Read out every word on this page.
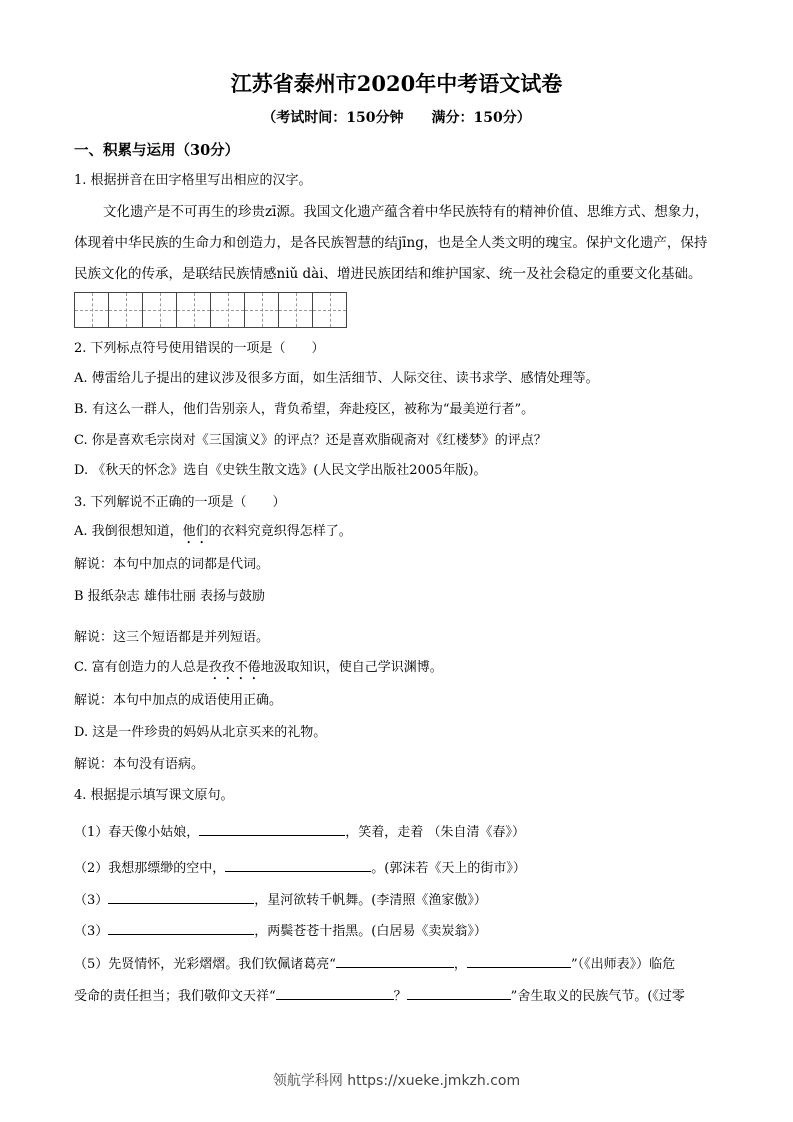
江苏省泰州市2020年中考语文试卷
（考试时间：150分钟　　满分：150分）
一、积累与运用（30分）
1. 根据拼音在田字格里写出相应的汉字。
文化遗产是不可再生的珍贵zī源。我国文化遗产蕴含着中华民族特有的精神价值、思维方式、想象力，
体现着中华民族的生命力和创造力，是各民族智慧的结jīng，也是全人类文明的瑰宝。保护文化遗产，保持
民族文化的传承，是联结民族情感niǔ dài、增进民族团结和维护国家、统一及社会稳定的重要文化基础。
2. 下列标点符号使用错误的一项是（　　）
A. 傅雷给儿子提出的建议涉及很多方面，如生活细节、人际交往、读书求学、感情处理等。
B. 有这么一群人，他们告别亲人，背负希望，奔赴疫区，被称为“最美逆行者”。
C. 你是喜欢毛宗岗对《三国演义》的评点？还是喜欢脂砚斋对《红楼梦》的评点？
D. 《秋天的怀念》选自《史铁生散文选》(人民文学出版社2005年版)。
3. 下列解说不正确的一项是（　　）
A. 我倒很想知道，他们的衣料究竟织得怎样了。
解说：本句中加点的词都是代词。
B 报纸杂志 雄伟壮丽 表扬与鼓励
解说：这三个短语都是并列短语。
C. 富有创造力的人总是孜孜不倦地汲取知识，使自己学识渊博。
解说：本句中加点的成语使用正确。
D. 这是一件珍贵的妈妈从北京买来的礼物。
解说：本句没有语病。
4. 根据提示填写课文原句。
（1）春天像小姑娘，	，笑着，走着 （朱自清《春》）
（2）我想那缥缈的空中，	。(郭沫若《天上的街市》）
（3）	，星河欲转千帆舞。(李清照《渔家傲》）
（3）	，两鬓苍苍十指黑。(白居易《卖炭翁》）
（5）先贤情怀，光彩熠熠。我们钦佩诸葛亮“	，	”（《出师表》）临危
受命的责任担当；我们敬仰文天祥“	？	”舍生取义的民族气节。(《过零
领航学科网 https://xueke.jmkzh.com
